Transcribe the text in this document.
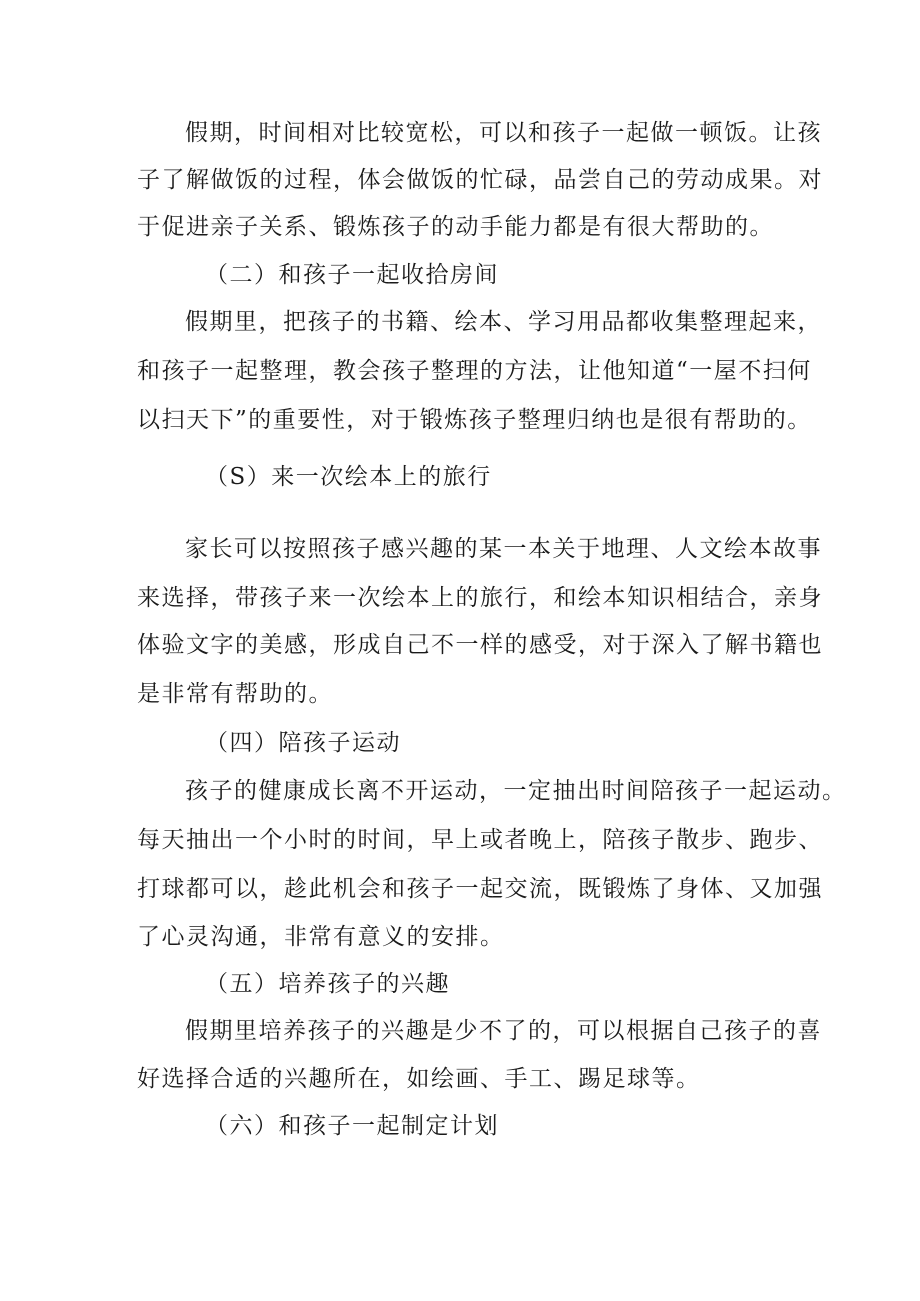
假期，时间相对比较宽松，可以和孩子一起做一顿饭。让孩

子了解做饭的过程，体会做饭的忙碌，品尝自己的劳动成果。对

于促进亲子关系、锻炼孩子的动手能力都是有很大帮助的。

（二）和孩子一起收拾房间

假期里，把孩子的书籍、绘本、学习用品都收集整理起来，

和孩子一起整理，教会孩子整理的方法，让他知道“一屋不扫何

以扫天下”的重要性，对于锻炼孩子整理归纳也是很有帮助的。

（S）来一次绘本上的旅行

家长可以按照孩子感兴趣的某一本关于地理、人文绘本故事

来选择，带孩子来一次绘本上的旅行，和绘本知识相结合，亲身

体验文字的美感，形成自己不一样的感受，对于深入了解书籍也

是非常有帮助的。

（四）陪孩子运动

孩子的健康成长离不开运动，一定抽出时间陪孩子一起运动。

每天抽出一个小时的时间，早上或者晚上，陪孩子散步、跑步、

打球都可以，趁此机会和孩子一起交流，既锻炼了身体、又加强

了心灵沟通，非常有意义的安排。

（五）培养孩子的兴趣

假期里培养孩子的兴趣是少不了的，可以根据自己孩子的喜

好选择合适的兴趣所在，如绘画、手工、踢足球等。

（六）和孩子一起制定计划
